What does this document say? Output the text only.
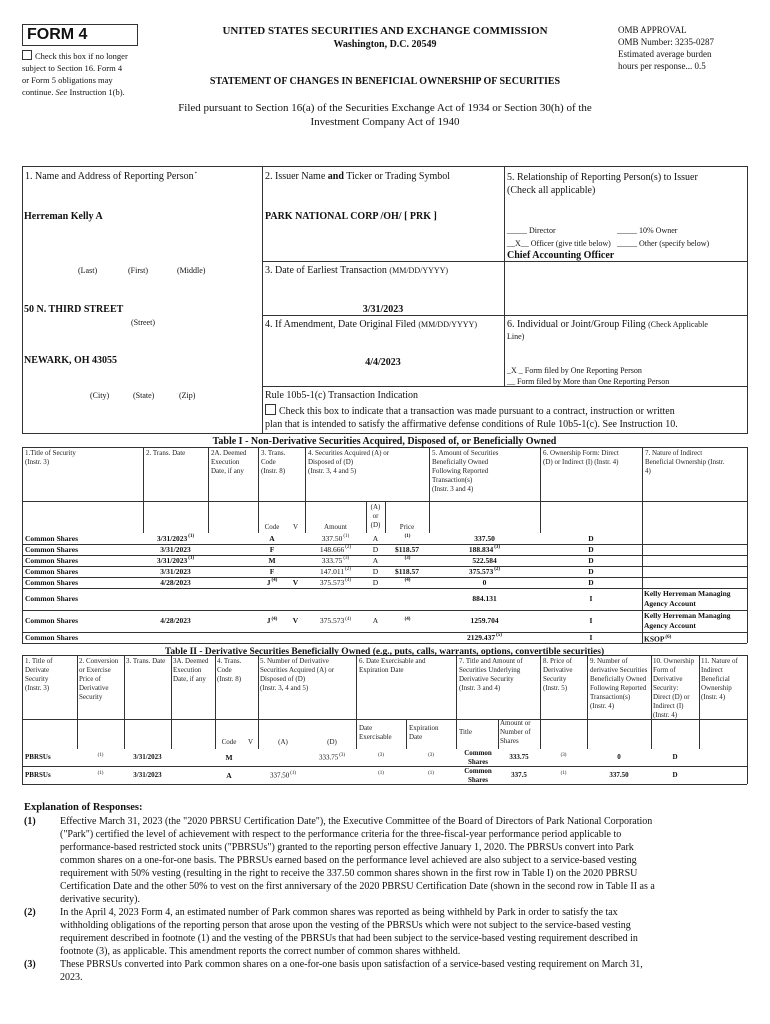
FORM 4
Check this box if no longer
subject to Section 16. Form 4
or Form 5 obligations may
continue. See Instruction 1(b).
UNITED STATES SECURITIES AND EXCHANGE COMMISSION
Washington, D.C. 20549
STATEMENT OF CHANGES IN BENEFICIAL OWNERSHIP OF SECURITIES
OMB APPROVAL
OMB Number: 3235-0287
Estimated average burden
hours per response... 0.5
Filed pursuant to Section 16(a) of the Securities Exchange Act of 1934 or Section 30(h) of the
Investment Company Act of 1940
1. Name and Address of Reporting Person*
Herreman Kelly A
(Last)	(First)	(Middle)
50 N. THIRD STREET
(Street)
NEWARK, OH 43055
(City)	(State)	(Zip)
2. Issuer Name and Ticker or Trading Symbol
PARK NATIONAL CORP /OH/ [ PRK ]
3. Date of Earliest Transaction (MM/DD/YYYY)
3/31/2023
4. If Amendment, Date Original Filed (MM/DD/YYYY)
4/4/2023
5. Relationship of Reporting Person(s) to Issuer
(Check all applicable)
_____ Director	_____ 10% Owner
__X__ Officer (give title below) _____ Other (specify below)
Chief Accounting Officer
6. Individual or Joint/Group Filing (Check Applicable
Line)
_X _ Form filed by One Reporting Person
__ Form filed by More than One Reporting Person
Rule 10b5-1(c) Transaction Indication
Check this box to indicate that a transaction was made pursuant to a contract, instruction or written
plan that is intended to satisfy the affirmative defense conditions of Rule 10b5-1(c). See Instruction 10.
Table I - Non-Derivative Securities Acquired, Disposed of, or Beneficially Owned
1.Title of Security
(Instr. 3)
2. Trans. Date	2A. Deemed
Execution
Date, if any
3. Trans.
Code
(Instr. 8)
4. Securities Acquired (A) or
Disposed of (D)
(Instr. 3, 4 and 5)
5. Amount of Securities
Beneficially Owned
Following Reported
Transaction(s)
(Instr. 3 and 4)
6. Ownership Form: Direct
(D) or Indirect (I) (Instr. 4)
7. Nature of Indirect
Beneficial Ownership (Instr.
4)
Code	V	Amount
(A)
or
(D)	Price
Common Shares	3/31/2023$^{(1)}$	A	337.50$^{(1)}$	A	$^{(1)}$	337.50	D
Common Shares	3/31/2023	F	148.666$^{(2)}$	D	$118.57	188.834$^{(3)}$	D
Common Shares	3/31/2023$^{(1)}$	M	333.75$^{(3)}$	A	$^{(3)}$	522.584	D
Common Shares	3/31/2023	F	147.011$^{(2)}$	D	$118.57	375.573$^{(2)}$	D
Common Shares	4/28/2023	$J^{(4)}$	V	375.573$^{(4)}$	D	$^{(4)}$	0	D
Common Shares	884.131	I
Kelly Herreman Managing Agency Account
Common Shares	4/28/2023	$J^{(4)}$	V	375.573$^{(4)}$	A	$^{(4)}$	1259.704	I
Kelly Herreman Managing Agency Account
Common Shares	2129.437$^{(5)}$	I	KSOP$^{(6)}$
Table II - Derivative Securities Beneficially Owned (e.g., puts, calls, warrants, options, convertible securities)
1. Title of
Derivate
Security
(Instr. 3)
2. Conversion
or Exercise
Price of
Derivative
Security
3. Trans. Date 3A. Deemed
Execution
Date, if any
4. Trans.
Code
(Instr. 8)
5. Number of Derivative
Securities Acquired (A) or
Disposed of (D)
(Instr. 3, 4 and 5)
6. Date Exercisable and
Expiration Date
7. Title and Amount of
Securities Underlying
Derivative Security
(Instr. 3 and 4)
8. Price of
Derivative
Security
(Instr. 5)
9. Number of
derivative Securities
Beneficially Owned
Following Reported
Transaction(s)
(Instr. 4)
10. Ownership
Form of
Derivative
Security:
Direct (D) or
Indirect (I)
(Instr. 4)
11. Nature of
Indirect
Beneficial
Ownership
(Instr. 4)
Code	V	(A)	(D)
Date
Exercisable
Expiration
Date
Title
Amount or
Number of
Shares
PBRSUs	(1)	3/31/2023	M	333.75$^{(3)}$	(3)	(3)	Common
Shares
333.75	(3)	0	D
PBRSUs	(1)	3/31/2023	A	337.50$^{(1)}$	(1)	(1)	Common
Shares
337.5	(1)	337.50	D
Explanation of Responses:
(1) Effective March 31, 2023 (the "2020 PBRSU Certification Date"), the Executive Committee of the Board of Directors of Park National Corporation
("Park") certified the level of achievement with respect to the performance criteria for the three-fiscal-year performance period applicable to
performance-based restricted stock units ("PBRSUs") granted to the reporting person effective January 1, 2020. The PBRSUs convert into Park
common shares on a one-for-one basis. The PBRSUs earned based on the performance level achieved are also subject to a service-based vesting
requirement with 50% vesting (resulting in the right to receive the 337.50 common shares shown in the first row in Table I) on the 2020 PBRSU
Certification Date and the other 50% to vest on the first anniversary of the 2020 PBRSU Certification Date (shown in the second row in Table II as a
derivative security).
(2) In the April 4, 2023 Form 4, an estimated number of Park common shares was reported as being withheld by Park in order to satisfy the tax
withholding obligations of the reporting person that arose upon the vesting of the PBRSUs which were not subject to the service-based vesting
requirement described in footnote (1) and the vesting of the PBRSUs that had been subject to the service-based vesting requirement described in
footnote (3), as applicable. This amendment reports the correct number of common shares withheld.
(3) These PBRSUs converted into Park common shares on a one-for-one basis upon satisfaction of a service-based vesting requirement on March 31,
2023.
